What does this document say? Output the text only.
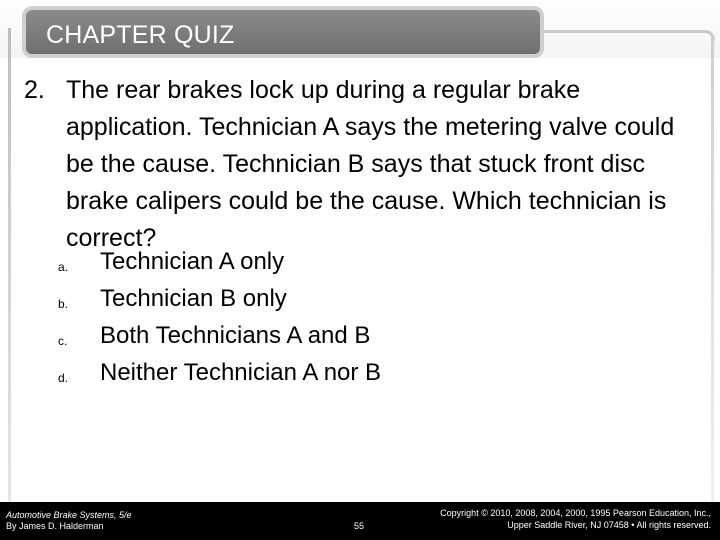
CHAPTER QUIZ
2. The rear brakes lock up during a regular brake application. Technician A says the metering valve could be the cause. Technician B says that stuck front disc brake calipers could be the cause. Which technician is correct?
a. Technician A only
b. Technician B only
c. Both Technicians A and B
d. Neither Technician A nor B
Automotive Brake Systems, 5/e
By James D. Halderman	55
Copyright © 2010, 2008, 2004, 2000, 1995 Pearson Education, Inc.,
Upper Saddle River, NJ 07458 • All rights reserved.
